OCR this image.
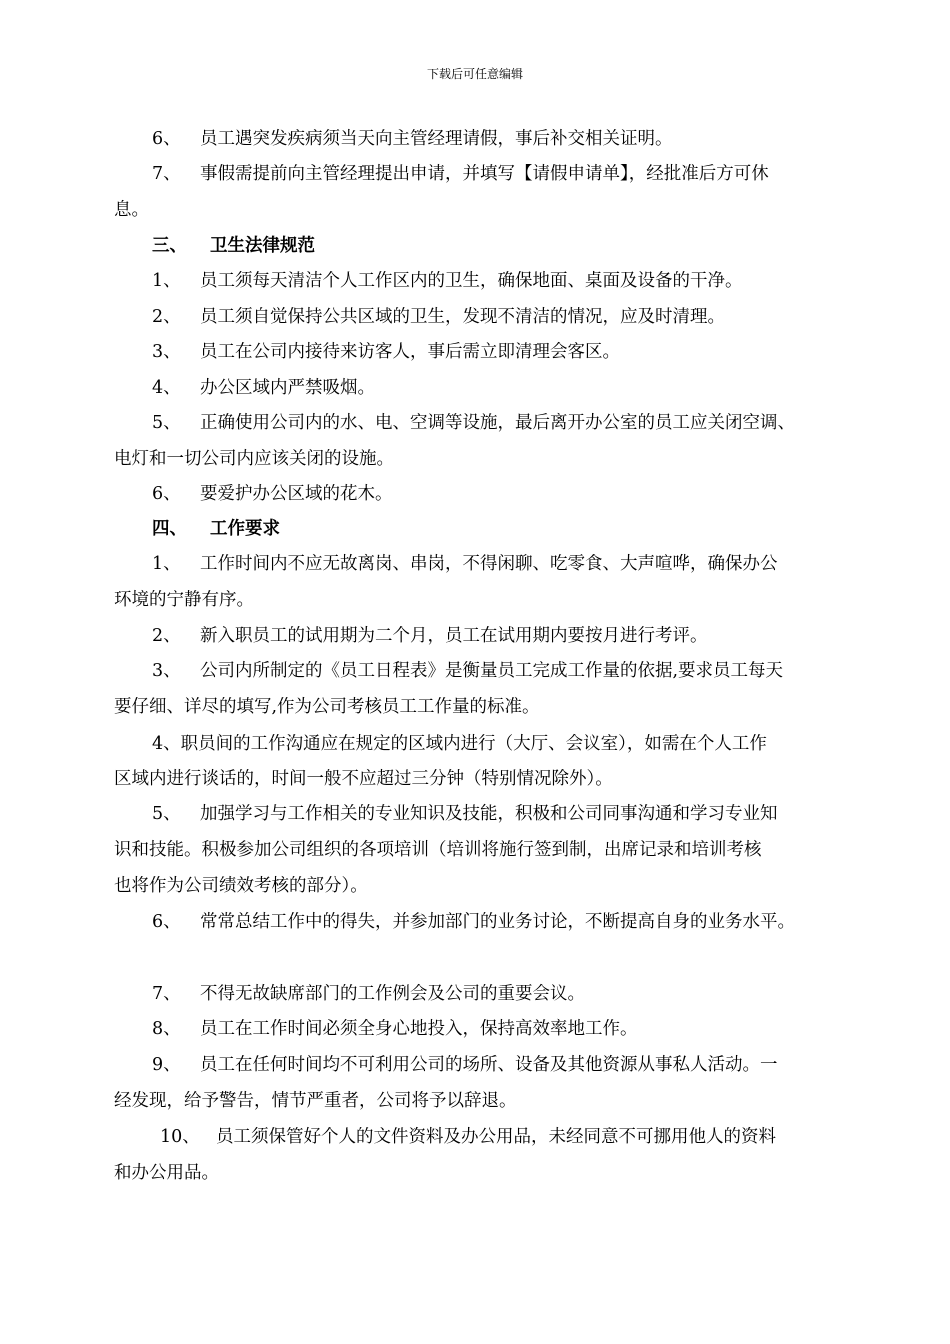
下载后可任意编辑
6、 员工遇突发疾病须当天向主管经理请假，事后补交相关证明。
7、 事假需提前向主管经理提出申请，并填写【请假申请单】，经批准后方可休
息。
三、 卫生法律规范
1、 员工须每天清洁个人工作区内的卫生，确保地面、桌面及设备的干净。
2、 员工须自觉保持公共区域的卫生，发现不清洁的情况，应及时清理。
3、 员工在公司内接待来访客人，事后需立即清理会客区。
4、 办公区域内严禁吸烟。
5、 正确使用公司内的水、电、空调等设施，最后离开办公室的员工应关闭空调、
电灯和一切公司内应该关闭的设施。
6、 要爱护办公区域的花木。
四、 工作要求
1、 工作时间内不应无故离岗、串岗，不得闲聊、吃零食、大声喧哗，确保办公
环境的宁静有序。
2、 新入职员工的试用期为二个月，员工在试用期内要按月进行考评。
3、 公司内所制定的《员工日程表》是衡量员工完成工作量的依据,要求员工每天
要仔细、详尽的填写,作为公司考核员工工作量的标准。
4、职员间的工作沟通应在规定的区域内进行（大厅、会议室），如需在个人工作
区域内进行谈话的，时间一般不应超过三分钟（特别情况除外）。
5、 加强学习与工作相关的专业知识及技能，积极和公司同事沟通和学习专业知
识和技能。积极参加公司组织的各项培训（培训将施行签到制，出席记录和培训考核
也将作为公司绩效考核的部分）。
6、 常常总结工作中的得失，并参加部门的业务讨论，不断提高自身的业务水平。
7、 不得无故缺席部门的工作例会及公司的重要会议。
8、 员工在工作时间必须全身心地投入，保持高效率地工作。
9、 员工在任何时间均不可利用公司的场所、设备及其他资源从事私人活动。一
经发现，给予警告，情节严重者，公司将予以辞退。
10、 员工须保管好个人的文件资料及办公用品，未经同意不可挪用他人的资料
和办公用品。
